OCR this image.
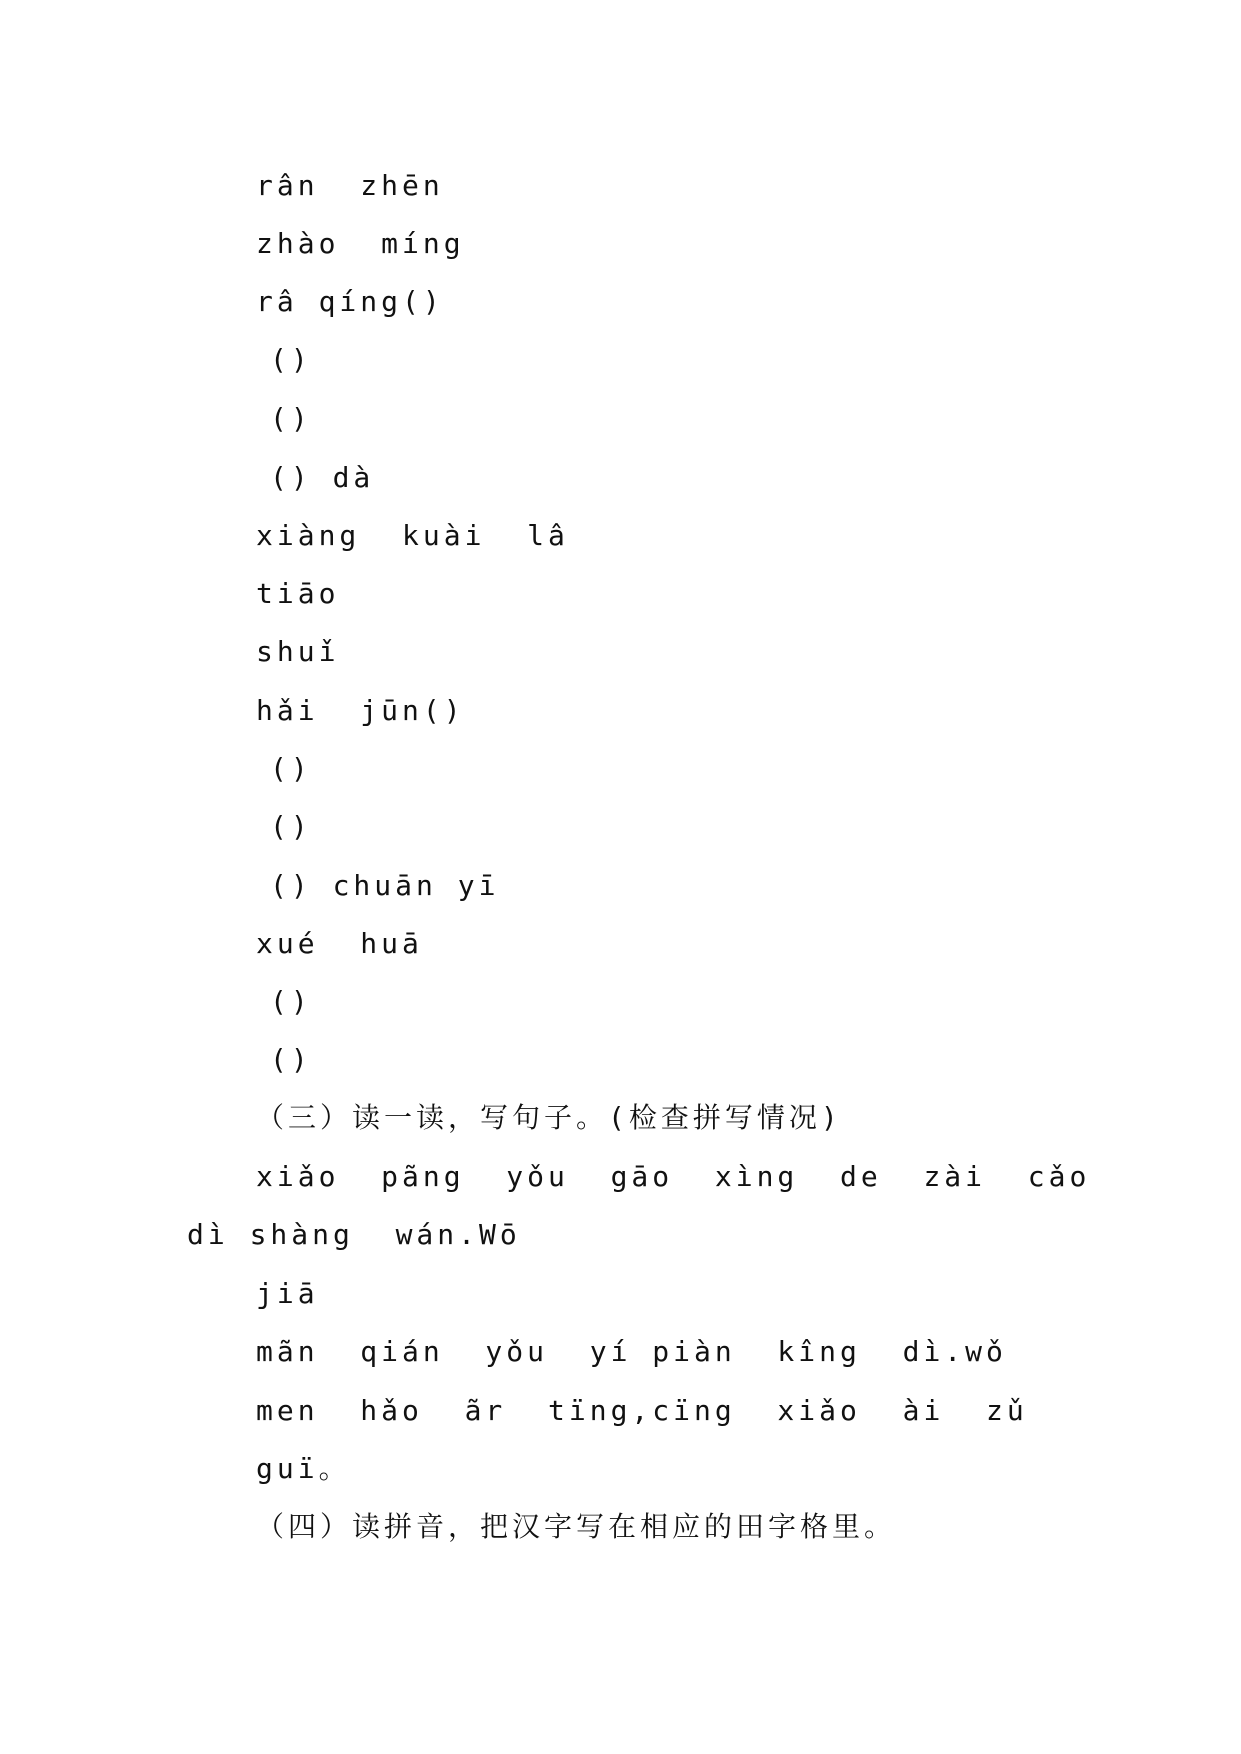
rân  zhēn
zhào  míng
râ qíng()
()
()
() dà
xiàng  kuài  lâ
tiāo
shuǐ
hǎi  jūn()
()
()
() chuān yī
xué  huā
()
()
（三）读一读，写句子。(检查拼写情况)
xiǎo  pãng  yǒu  gāo  xìng  de  zài  cǎo
dì shàng  wán.Wō
jiā
mãn  qián  yǒu  yí piàn  kîng  dì.wǒ
men  hǎo  ãr  tïng,cïng  xiǎo  ài  zǔ
guï。
（四）读拼音，把汉字写在相应的田字格里。
